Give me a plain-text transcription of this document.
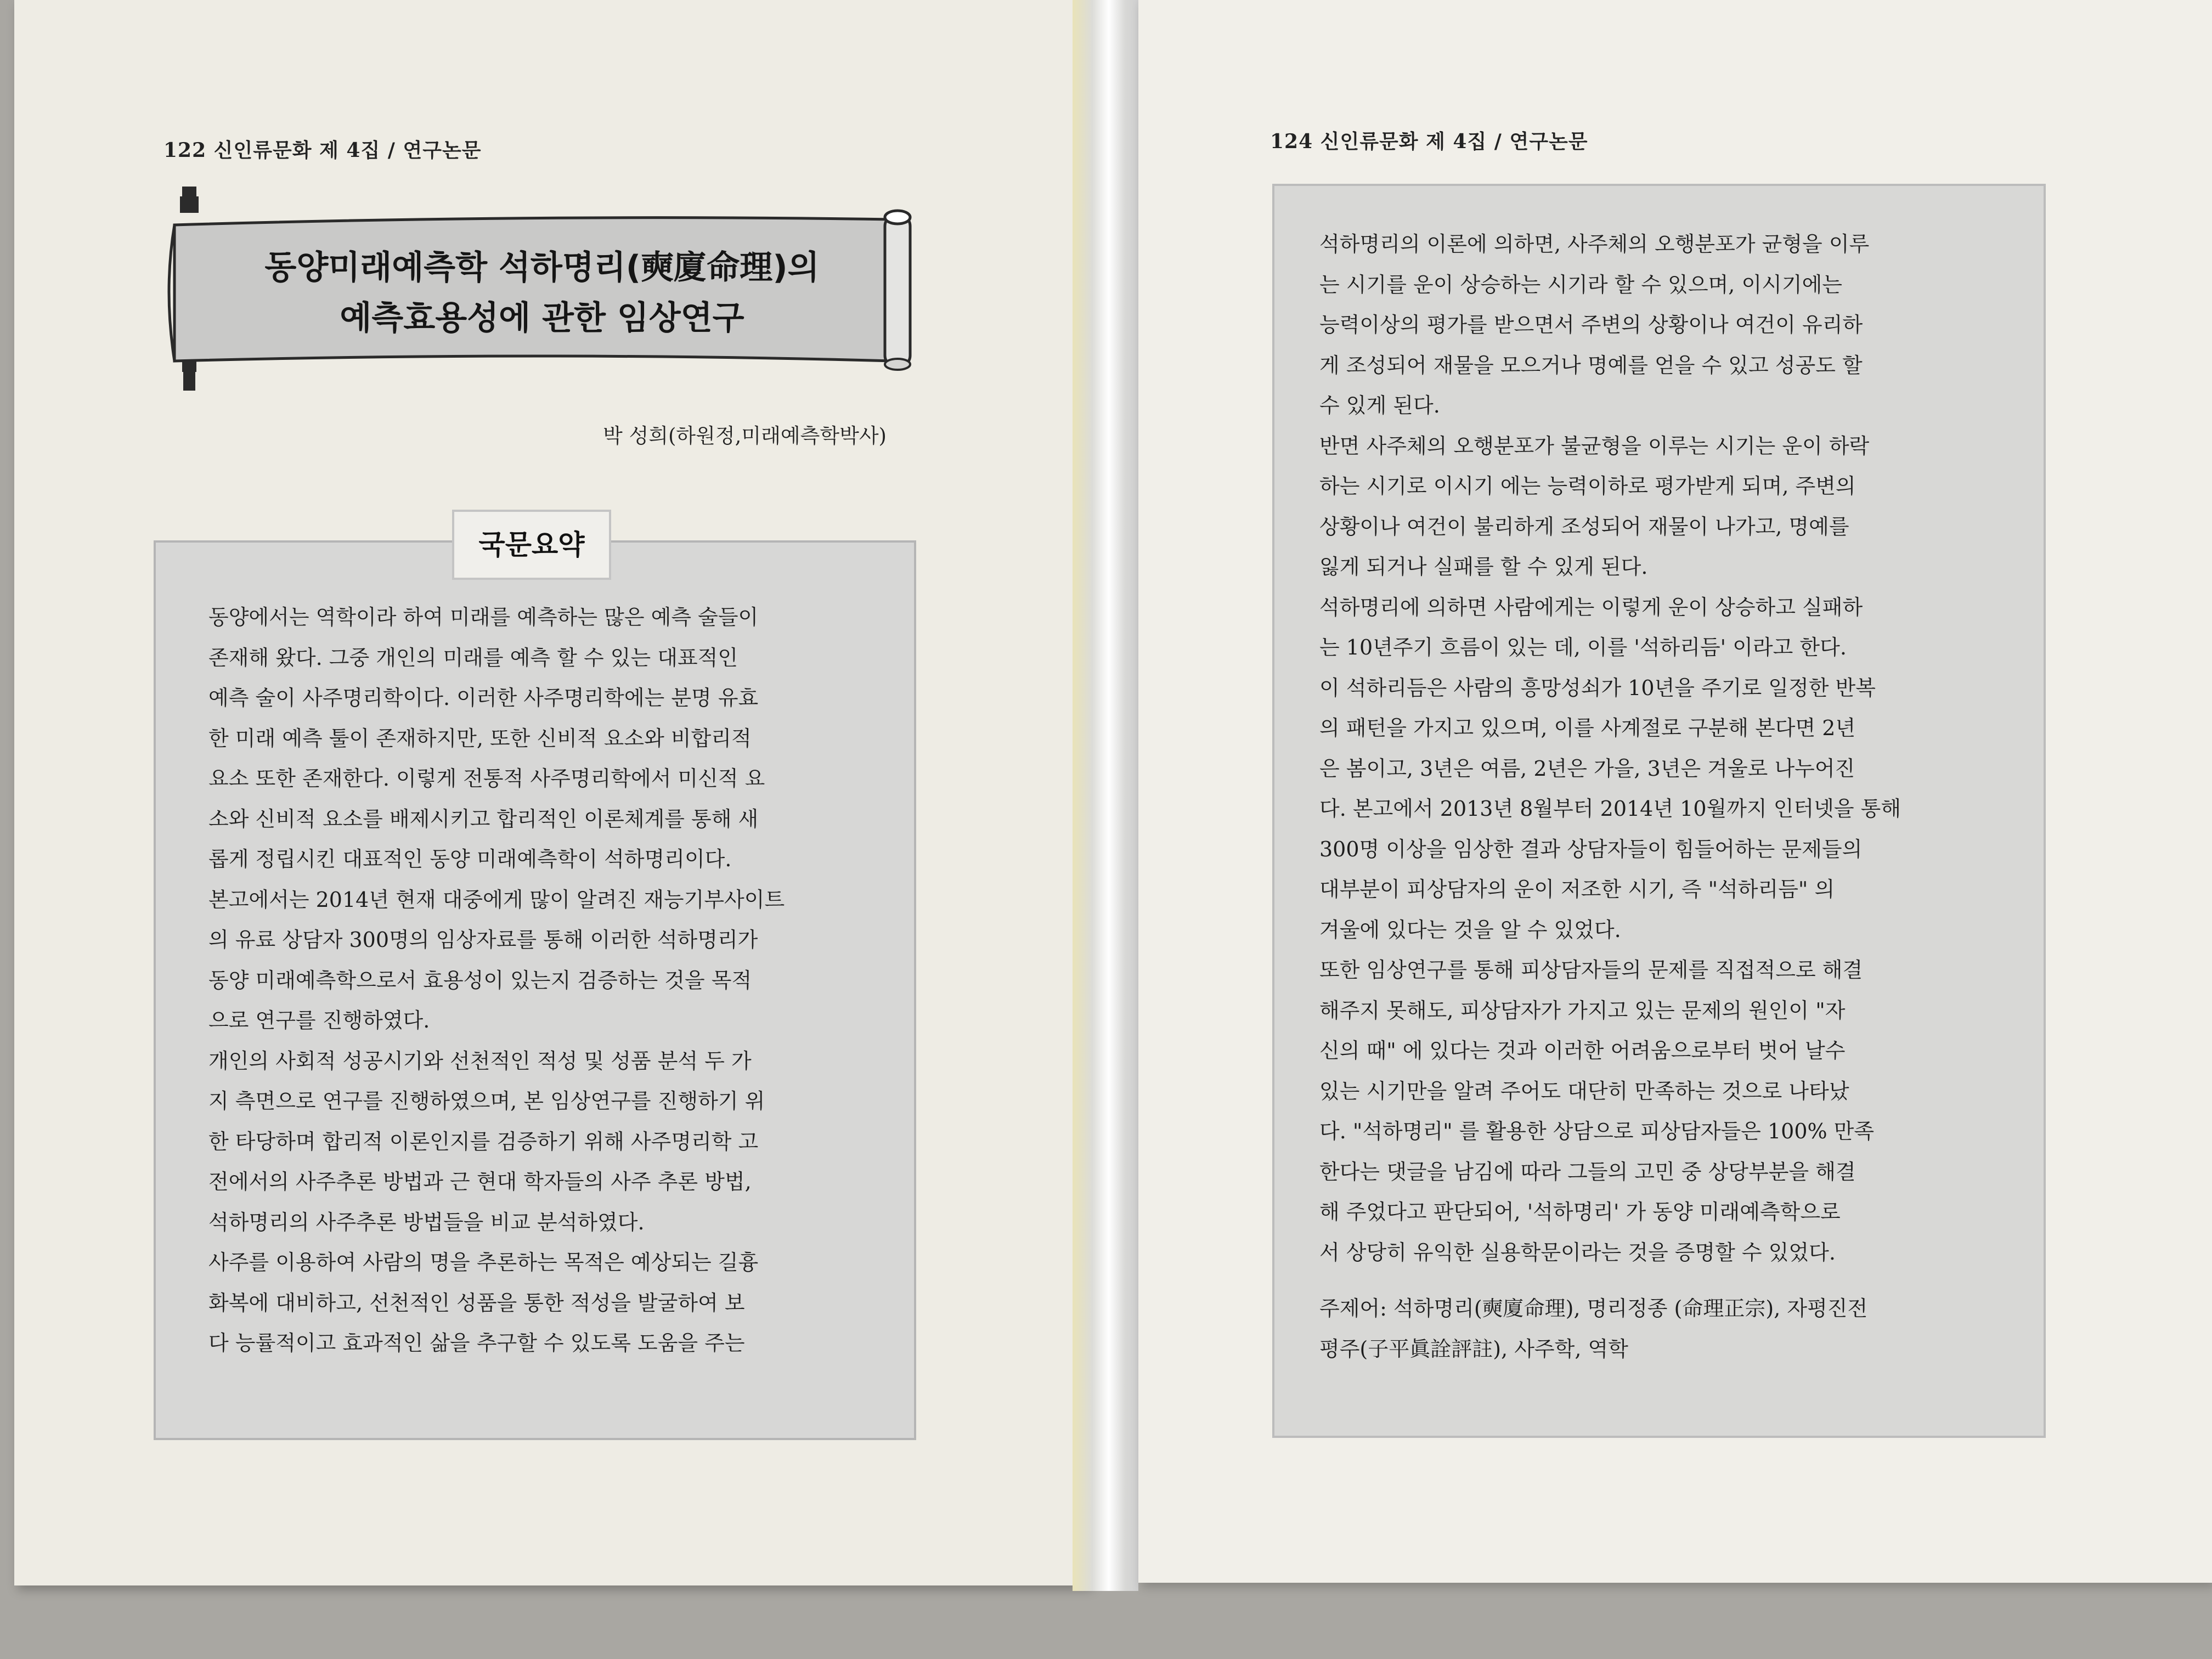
122 신인류문화 제 4집 / 연구논문
동양미래예측학 석하명리(奭廈命理)의
예측효용성에 관한 임상연구
박 성희(하원정,미래예측학박사)
국문요약
동양에서는 역학이라 하여 미래를 예측하는 많은 예측 술들이
존재해 왔다. 그중 개인의 미래를 예측 할 수 있는 대표적인
예측 술이 사주명리학이다. 이러한 사주명리학에는 분명 유효
한 미래 예측 툴이 존재하지만, 또한 신비적 요소와 비합리적
요소 또한 존재한다. 이렇게 전통적 사주명리학에서 미신적 요
소와 신비적 요소를 배제시키고 합리적인 이론체계를 통해 새
롭게 정립시킨 대표적인 동양 미래예측학이 석하명리이다.
본고에서는 2014년 현재 대중에게 많이 알려진 재능기부사이트
의 유료 상담자 300명의 임상자료를 통해 이러한 석하명리가
동양 미래예측학으로서 효용성이 있는지 검증하는 것을 목적
으로 연구를 진행하였다.
개인의 사회적 성공시기와 선천적인 적성 및 성품 분석 두 가
지 측면으로 연구를 진행하였으며, 본 임상연구를 진행하기 위
한 타당하며 합리적 이론인지를 검증하기 위해 사주명리학 고
전에서의 사주추론 방법과 근 현대 학자들의 사주 추론 방법,
석하명리의 사주추론 방법들을 비교 분석하였다.
사주를 이용하여 사람의 명을 추론하는 목적은 예상되는 길흉
화복에 대비하고, 선천적인 성품을 통한 적성을 발굴하여 보
다 능률적이고 효과적인 삶을 추구할 수 있도록 도움을 주는
124 신인류문화 제 4집 / 연구논문
석하명리의 이론에 의하면, 사주체의 오행분포가 균형을 이루
는 시기를 운이 상승하는 시기라 할 수 있으며, 이시기에는
능력이상의 평가를 받으면서 주변의 상황이나 여건이 유리하
게 조성되어 재물을 모으거나 명예를 얻을 수 있고 성공도 할
수 있게 된다.
반면 사주체의 오행분포가 불균형을 이루는 시기는 운이 하락
하는 시기로 이시기 에는 능력이하로 평가받게 되며, 주변의
상황이나 여건이 불리하게 조성되어 재물이 나가고, 명예를
잃게 되거나 실패를 할 수 있게 된다.
석하명리에 의하면 사람에게는 이렇게 운이 상승하고 실패하
는 10년주기 흐름이 있는 데, 이를 '석하리듬' 이라고 한다.
이 석하리듬은 사람의 흥망성쇠가 10년을 주기로 일정한 반복
의 패턴을 가지고 있으며, 이를 사계절로 구분해 본다면 2년
은 봄이고, 3년은 여름, 2년은 가을, 3년은 겨울로 나누어진
다. 본고에서 2013년 8월부터 2014년 10월까지 인터넷을 통해
300명 이상을 임상한 결과 상담자들이 힘들어하는 문제들의
대부분이 피상담자의 운이 저조한 시기, 즉 "석하리듬" 의
겨울에 있다는 것을 알 수 있었다.
또한 임상연구를 통해 피상담자들의 문제를 직접적으로 해결
해주지 못해도, 피상담자가 가지고 있는 문제의 원인이 "자
신의 때" 에 있다는 것과 이러한 어려움으로부터 벗어 날수
있는 시기만을 알려 주어도 대단히 만족하는 것으로 나타났
다. "석하명리" 를 활용한 상담으로 피상담자들은 100% 만족
한다는 댓글을 남김에 따라 그들의 고민 중 상당부분을 해결
해 주었다고 판단되어, '석하명리' 가 동양 미래예측학으로
서 상당히 유익한 실용학문이라는 것을 증명할 수 있었다.
주제어: 석하명리(奭廈命理), 명리정종 (命理正宗), 자평진전
평주(子平眞詮評註), 사주학, 역학
